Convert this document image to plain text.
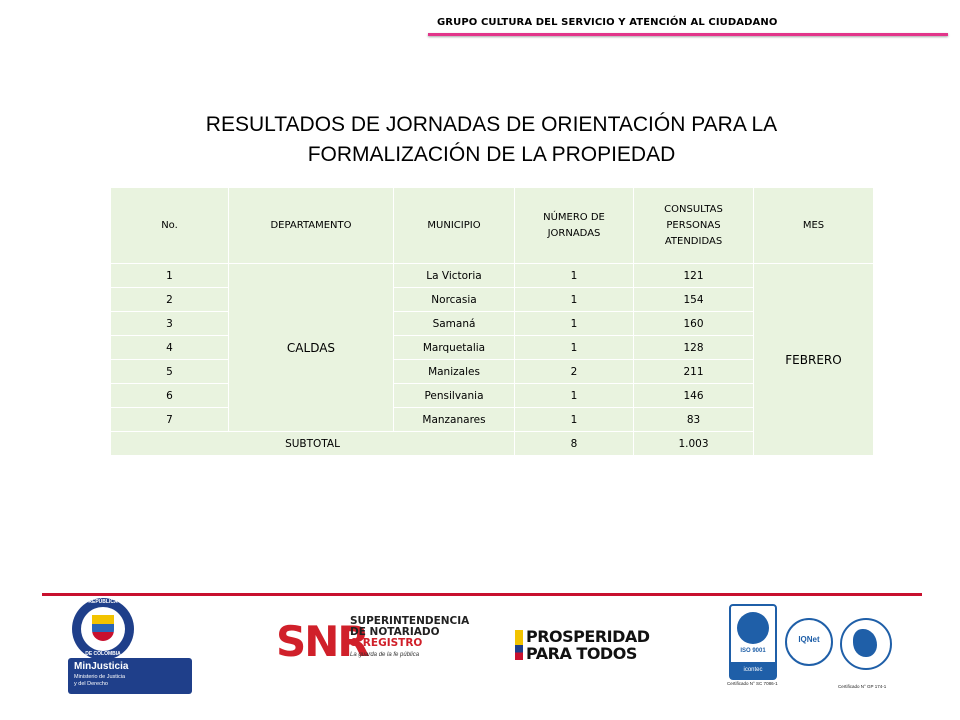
GRUPO CULTURA DEL SERVICIO Y ATENCIÓN AL CIUDADANO
RESULTADOS DE JORNADAS DE ORIENTACIÓN PARA LA
FORMALIZACIÓN DE LA PROPIEDAD
No.	DEPARTAMENTO	MUNICIPIO	NÚMERO DE JORNADAS	CONSULTAS PERSONAS ATENDIDAS	MES
1	CALDAS	La Victoria	1	121	FEBRERO
2		Norcasia	1	154	
3		Samaná	1	160	
4		Marquetalia	1	128	
5		Manizales	2	211	
6		Pensilvania	1	146	
7		Manzanares	1	83	
SUBTOTAL			8	1.003	
REPÚBLICA
DE COLOMBIA
MinJusticia
Ministerio de Justicia
y del Derecho
SNR
SUPERINTENDENCIA
DE NOTARIADO
& REGISTRO
La guarda de la fe pública
PROSPERIDAD
PARA TODOS	ISO 9001
icontec
Certificado N° SC 7086-1
IQNet
Certificado N° GP 174-1
